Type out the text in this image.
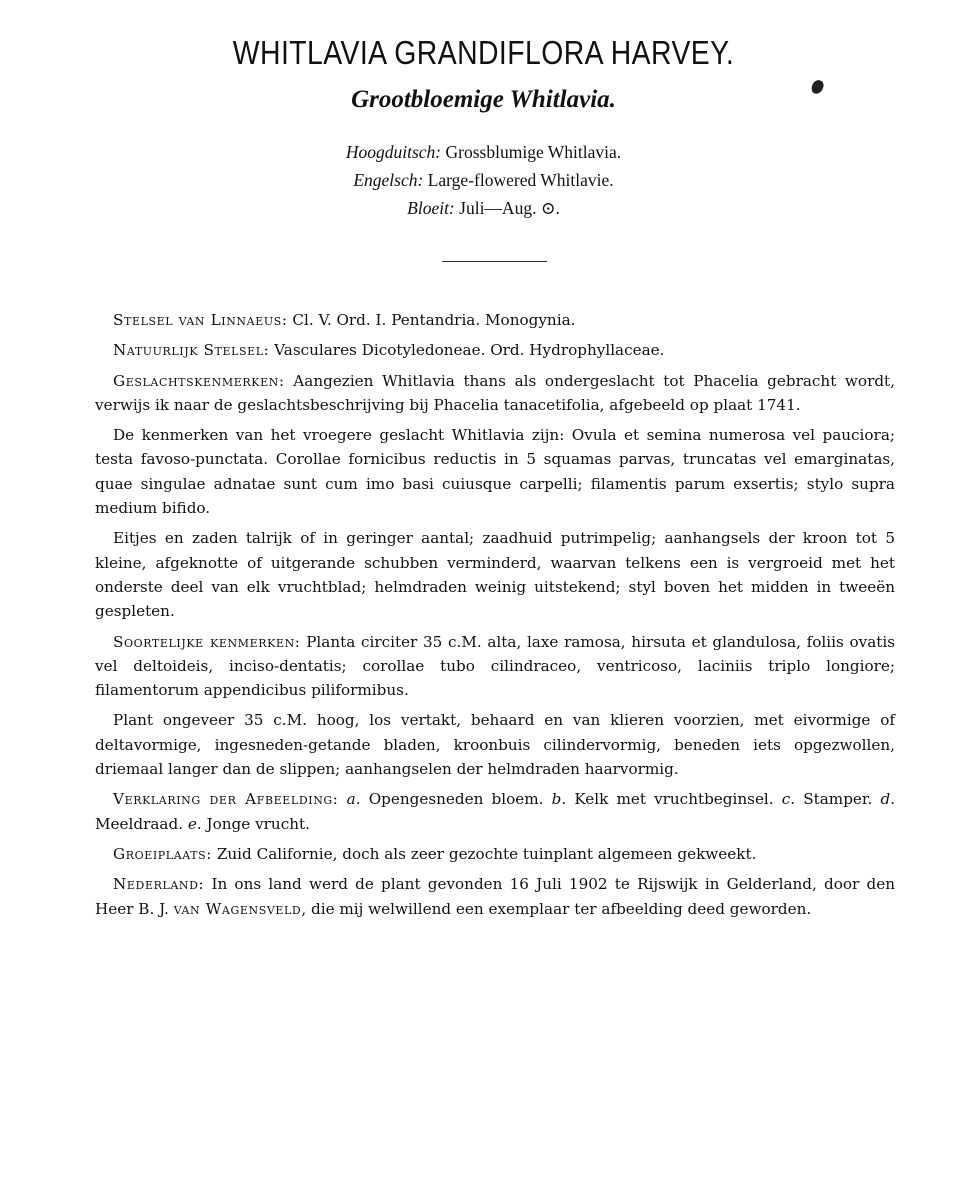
WHITLAVIA GRANDIFLORA HARVEY.
Grootbloemige Whitlavia.
Hoogduitsch: Grossblumige Whitlavia.
Engelsch: Large-flowered Whitlavie.
Bloeit: Juli—Aug. ⊙.

Stelsel van Linnaeus: Cl. V. Ord. I. Pentandria. Monogynia.

Natuurlijk Stelsel: Vasculares Dicotyledoneae. Ord. Hydrophyllaceae.

Geslachtskenmerken: Aangezien Whitlavia thans als ondergeslacht tot Phacelia gebracht wordt, verwijs ik naar de geslachtsbeschrijving bij Phacelia tanacetifolia, afgebeeld op plaat 1741.

De kenmerken van het vroegere geslacht Whitlavia zijn: Ovula et semina numerosa vel pauciora; testa favoso-punctata. Corollae fornicibus reductis in 5 squamas parvas, truncatas vel emarginatas, quae singulae adnatae sunt cum imo basi cuiusque carpelli; filamentis parum exsertis; stylo supra medium bifido.

Eitjes en zaden talrijk of in geringer aantal; zaadhuid putrimpelig; aanhangsels der kroon tot 5 kleine, afgeknotte of uitgerande schubben verminderd, waarvan telkens een is vergroeid met het onderste deel van elk vruchtblad; helmdraden weinig uitstekend; styl boven het midden in tweeën gespleten.

Soortelijke kenmerken: Planta circiter 35 c.M. alta, laxe ramosa, hirsuta et glandulosa, foliis ovatis vel deltoideis, inciso-dentatis; corollae tubo cilindraceo, ventricoso, laciniis triplo longiore; filamentorum appendicibus piliformibus.

Plant ongeveer 35 c.M. hoog, los vertakt, behaard en van klieren voorzien, met eivormige of deltavormige, ingesneden-getande bladen, kroonbuis cilindervormig, beneden iets opgezwollen, driemaal langer dan de slippen; aanhangselen der helmdraden haarvormig.

Verklaring der Afbeelding: a. Opengesneden bloem. b. Kelk met vruchtbeginsel. c. Stamper. d. Meeldraad. e. Jonge vrucht.

Groeiplaats: Zuid Californie, doch als zeer gezochte tuinplant algemeen gekweekt.

Nederland: In ons land werd de plant gevonden 16 Juli 1902 te Rijswijk in Gelderland, door den Heer B. J. van Wagensveld, die mij welwillend een exemplaar ter afbeelding deed geworden.
